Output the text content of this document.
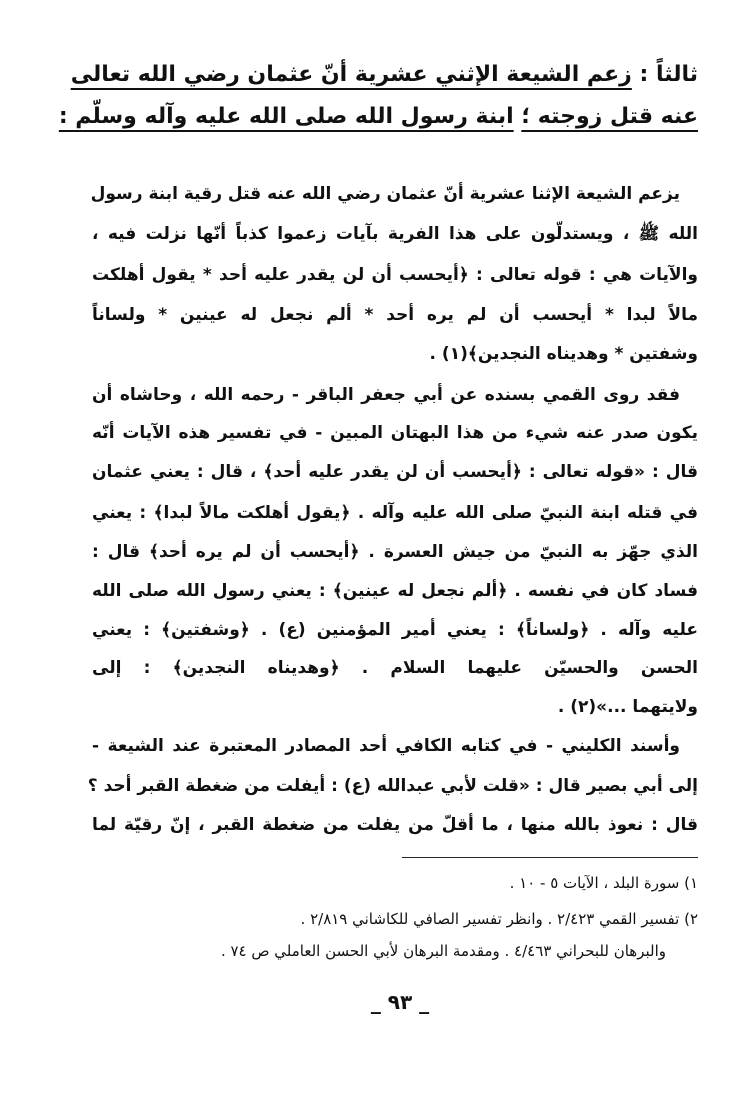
ثالثاً : زعم الشيعة الإثني عشرية أنّ عثمان رضي الله تعالى
عنه قتل زوجته ؛ ابنة رسول الله صلى الله عليه وآله وسلّم :
يزعم الشيعة الإثنا عشرية أنّ عثمان رضي الله عنه قتل رقية ابنة رسول
الله ﷺ ، ويستدلّون على هذا الفرية بآيات زعموا كذباً أنّها نزلت فيه ،
والآيات هي : قوله تعالى : ﴿أيحسب أن لن يقدر عليه أحد * يقول أهلكت
مالاً لبدا * أيحسب أن لم يره أحد * ألم نجعل له عينين * ولساناً
وشفتين * وهديناه النجدين﴾(١) .
فقد روى القمي بسنده عن أبي جعفر الباقر - رحمه الله ، وحاشاه أن
يكون صدر عنه شيء من هذا البهتان المبين - في تفسير هذه الآيات أنّه
قال : «قوله تعالى : ﴿أيحسب أن لن يقدر عليه أحد﴾ ، قال : يعني عثمان
في قتله ابنة النبيّ صلى الله عليه وآله . ﴿يقول أهلكت مالاً لبدا﴾ : يعني
الذي جهّز به النبيّ من جيش العسرة . ﴿أيحسب أن لم يره أحد﴾ قال :
فساد كان في نفسه . ﴿ألم نجعل له عينين﴾ : يعني رسول الله صلى الله
عليه وآله . ﴿ولساناً﴾ : يعني أمير المؤمنين (ع) . ﴿وشفتين﴾ : يعني
الحسن والحسيّن عليهما السلام . ﴿وهديناه النجدين﴾ : إلى
ولايتهما ...»(٢) .
وأسند الكليني - في كتابه الكافي أحد المصادر المعتبرة عند الشيعة -
إلى أبي بصير قال : «قلت لأبي عبدالله (ع) : أيفلت من ضغطة القبر أحد ؟
قال : نعوذ بالله منها ، ما أقلّ من يفلت من ضغطة القبر ، إنّ رقيّة لما
١) سورة البلد ، الآيات ٥ - ١٠ .
٢) تفسير القمي ٢/٤٢٣ . وانظر تفسير الصافي للكاشاني ٢/٨١٩ .
والبرهان للبحراني ٤/٤٦٣ . ومقدمة البرهان لأبي الحسن العاملي ص ٧٤ .
_ ٩٣ _
